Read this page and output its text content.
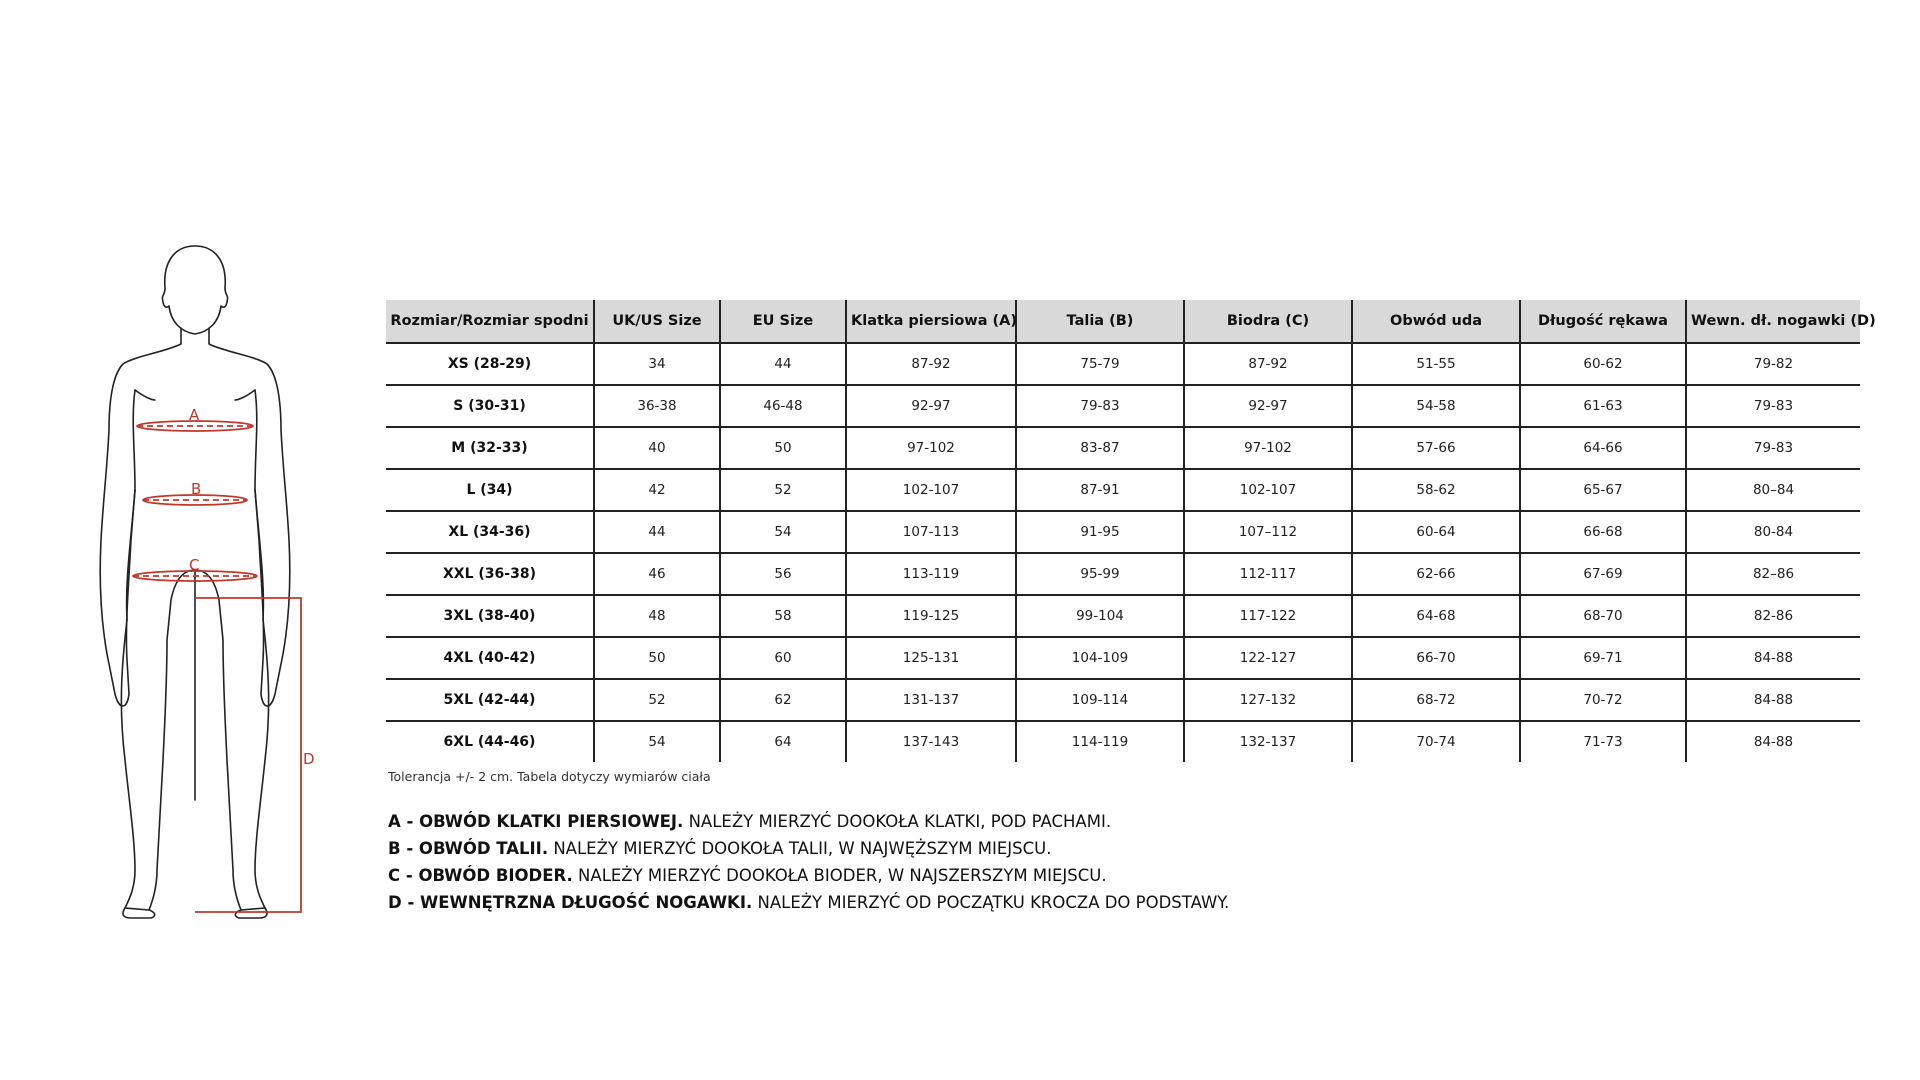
A
B
C
D
Rozmiar/Rozmiar spodni	UK/US Size	EU Size	Klatka piersiowa (A)	Talia (B)	Biodra (C)	Obwód uda	Długość rękawa	Wewn. dł. nogawki (D)
XS (28-29)	34	44	87-92	75-79	87-92	51-55	60-62	79-82
S (30-31)	36-38	46-48	92-97	79-83	92-97	54-58	61-63	79-83
M (32-33)	40	50	97-102	83-87	97-102	57-66	64-66	79-83
L (34)	42	52	102-107	87-91	102-107	58-62	65-67	80–84
XL (34-36)	44	54	107-113	91-95	107–112	60-64	66-68	80-84
XXL (36-38)	46	56	113-119	95-99	112-117	62-66	67-69	82–86
3XL (38-40)	48	58	119-125	99-104	117-122	64-68	68-70	82-86
4XL (40-42)	50	60	125-131	104-109	122-127	66-70	69-71	84-88
5XL (42-44)	52	62	131-137	109-114	127-132	68-72	70-72	84-88
6XL (44-46)	54	64	137-143	114-119	132-137	70-74	71-73	84-88
Tolerancja +/- 2 cm. Tabela dotyczy wymiarów ciała
A - OBWÓD KLATKI PIERSIOWEJ. NALEŻY MIERZYĆ DOOKOŁA KLATKI, POD PACHAMI.
B - OBWÓD TALII. NALEŻY MIERZYĆ DOOKOŁA TALII, W NAJWĘŻSZYM MIEJSCU.
C - OBWÓD BIODER. NALEŻY MIERZYĆ DOOKOŁA BIODER, W NAJSZERSZYM MIEJSCU.
D - WEWNĘTRZNA DŁUGOŚĆ NOGAWKI. NALEŻY MIERZYĆ OD POCZĄTKU KROCZA DO PODSTAWY.
